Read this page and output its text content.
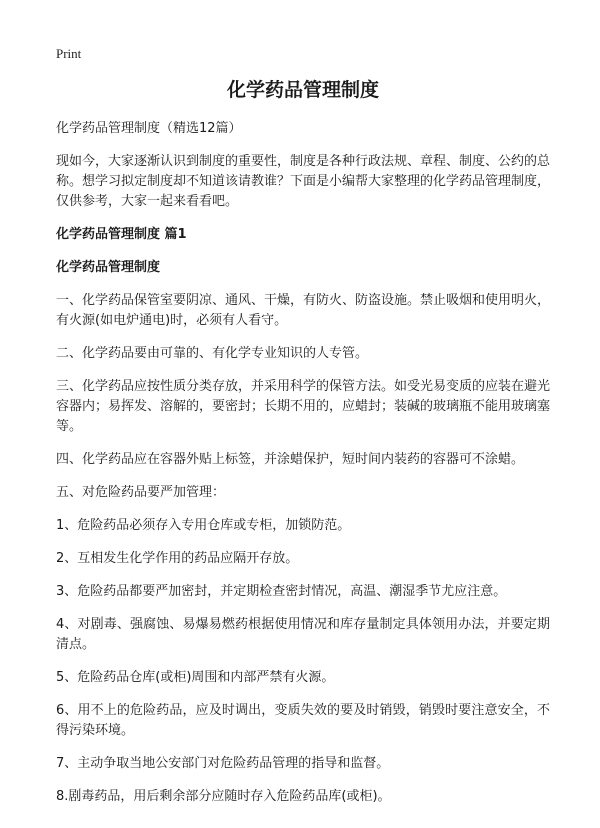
Print
化学药品管理制度
化学药品管理制度（精选12篇）
现如今，大家逐渐认识到制度的重要性，制度是各种行政法规、章程、制度、公约的总称。想学习拟定制度却不知道该请教谁？下面是小编帮大家整理的化学药品管理制度，仅供参考，大家一起来看看吧。
化学药品管理制度 篇1
化学药品管理制度
一、化学药品保管室要阴凉、通风、干燥，有防火、防盗设施。禁止吸烟和使用明火，有火源(如电炉通电)时，必须有人看守。
二、化学药品要由可靠的、有化学专业知识的人专管。
三、化学药品应按性质分类存放，并采用科学的保管方法。如受光易变质的应装在避光容器内；易挥发、溶解的，要密封；长期不用的，应蜡封；装碱的玻璃瓶不能用玻璃塞等。
四、化学药品应在容器外贴上标签，并涂蜡保护，短时间内装药的容器可不涂蜡。
五、对危险药品要严加管理：
1、危险药品必须存入专用仓库或专柜，加锁防范。
2、互相发生化学作用的药品应隔开存放。
3、危险药品都要严加密封，并定期检查密封情况，高温、潮湿季节尤应注意。
4、对剧毒、强腐蚀、易爆易燃药根据使用情况和库存量制定具体领用办法，并要定期清点。
5、危险药品仓库(或柜)周围和内部严禁有火源。
6、用不上的危险药品，应及时调出，变质失效的要及时销毁，销毁时要注意安全，不得污染环境。
7、主动争取当地公安部门对危险药品管理的指导和监督。
8.剧毒药品，用后剩余部分应随时存入危险药品库(或柜)。
